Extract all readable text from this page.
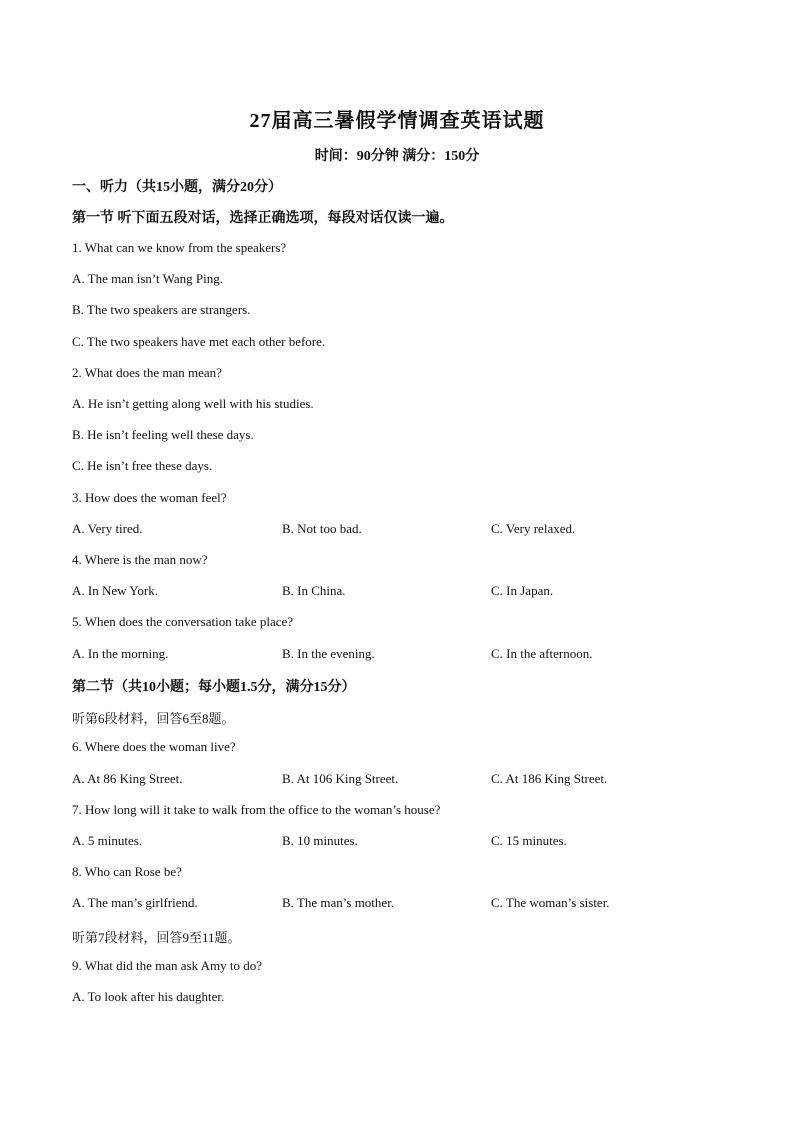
27届高三暑假学情调查英语试题
时间：90分钟 满分：150分
一、听力（共15小题，满分20分）
第一节 听下面五段对话，选择正确选项，每段对话仅读一遍。
1. What can we know from the speakers?
A. The man isn’t Wang Ping.
B. The two speakers are strangers.
C. The two speakers have met each other before.
2. What does the man mean?
A. He isn’t getting along well with his studies.
B. He isn’t feeling well these days.
C. He isn’t free these days.
3. How does the woman feel?
A. Very tired.	B. Not too bad.	C. Very relaxed.
4. Where is the man now?
A. In New York.	B. In China.	C. In Japan.
5. When does the conversation take place?
A. In the morning.	B. In the evening.	C. In the afternoon.
第二节（共10小题；每小题1.5分，满分15分）
听第6段材料，回答6至8题。
6. Where does the woman live?
A. At 86 King Street.	B. At 106 King Street.	C. At 186 King Street.
7. How long will it take to walk from the office to the woman’s house?
A. 5 minutes.	B. 10 minutes.	C. 15 minutes.
8. Who can Rose be?
A. The man’s girlfriend.	B. The man’s mother.	C. The woman’s sister.
听第7段材料，回答9至11题。
9. What did the man ask Amy to do?
A. To look after his daughter.
